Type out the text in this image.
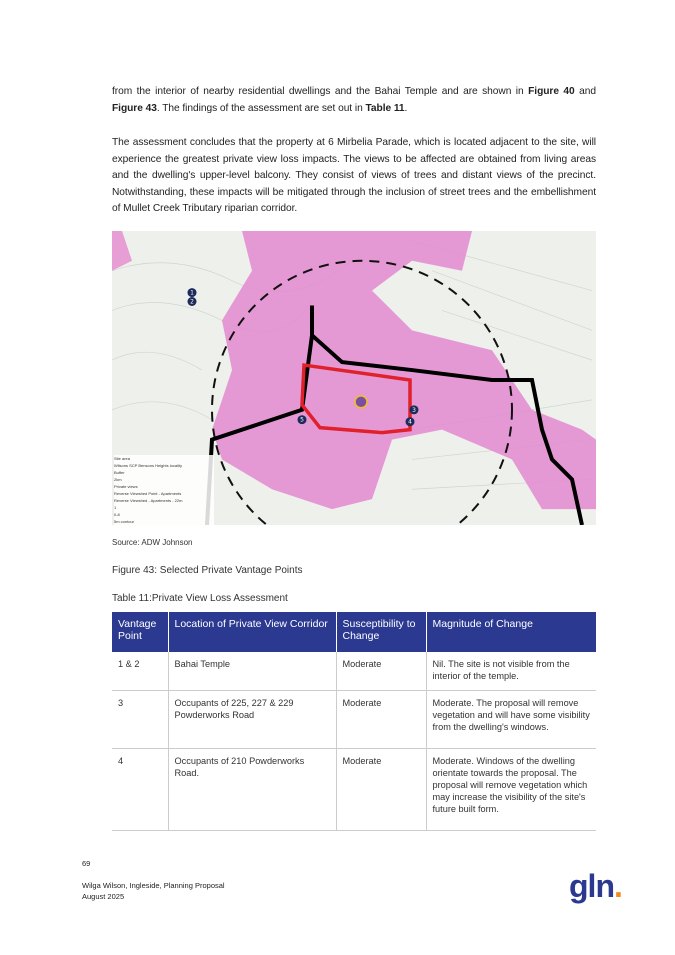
from the interior of nearby residential dwellings and the Bahai Temple and are shown in Figure 40 and Figure 43. The findings of the assessment are set out in Table 11.

The assessment concludes that the property at 6 Mirbelia Parade, which is located adjacent to the site, will experience the greatest private view loss impacts. The views to be affected are obtained from living areas and the dwelling's upper-level balcony. They consist of views of trees and distant views of the precinct. Notwithstanding, these impacts will be mitigated through the inclusion of street trees and the embellishment of Mullet Creek Tributary riparian corridor.

1
2
3
4
5
Site area
Wilsons SCP Bensons Heights locality
Buffer
2km
Private views
Reverse Viewshed Point - Apartments
Reverse Viewshed - Apartments - 22m
1
0-8
5m contour
Source: ADW Johnson
Figure 43: Selected Private Vantage Points
Table 11:Private View Loss Assessment
Vantage Point	Location of Private View Corridor	Susceptibility to Change	Magnitude of Change
1 & 2	Bahai Temple	Moderate	Nil. The site is not visible from the interior of the temple.
3	Occupants of 225, 227 & 229 Powderworks Road	Moderate	Moderate. The proposal will remove vegetation and will have some visibility from the dwelling's windows.
4	Occupants of 210 Powderworks Road.	Moderate	Moderate. Windows of the dwelling orientate towards the proposal. The proposal will remove vegetation which may increase the visibility of the site's future built form.
69
Wilga Wilson, Ingleside, Planning Proposal
August 2025	gln.
